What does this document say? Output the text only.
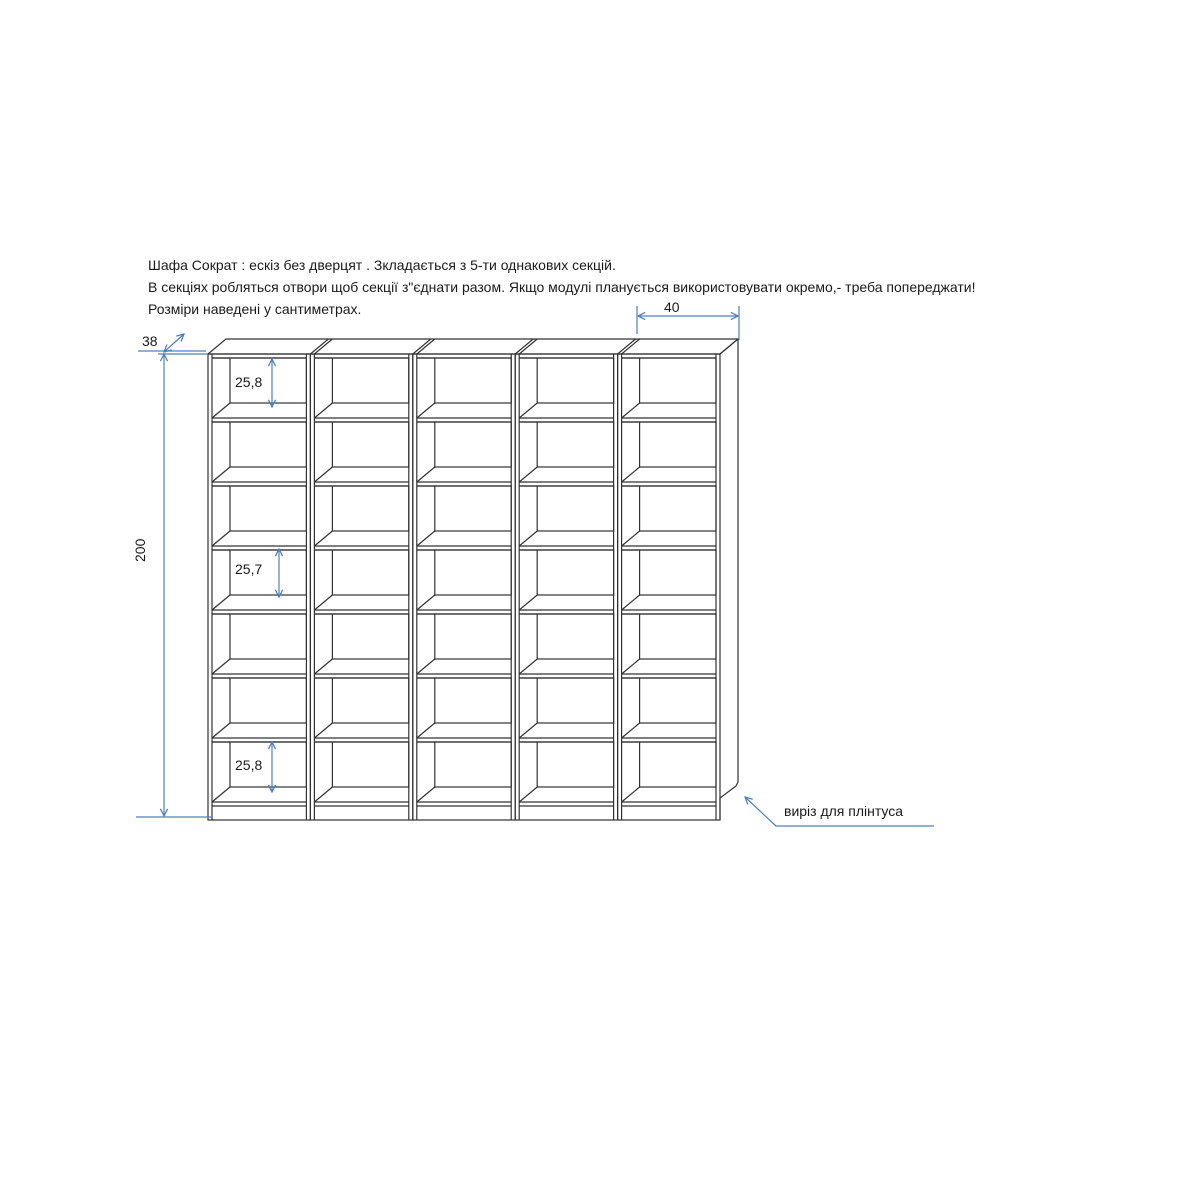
Шафа Сократ : ескіз без дверцят . Зкладається з 5-ти однакових секцій.
В секціях робляться отвори щоб секції з"єднати разом. Якщо модулі планується використовувати окремо,- треба попереджати!
Розміри наведені у сантиметрах.
38
200
40
25,8
25,7
25,8
виріз для плінтуса
